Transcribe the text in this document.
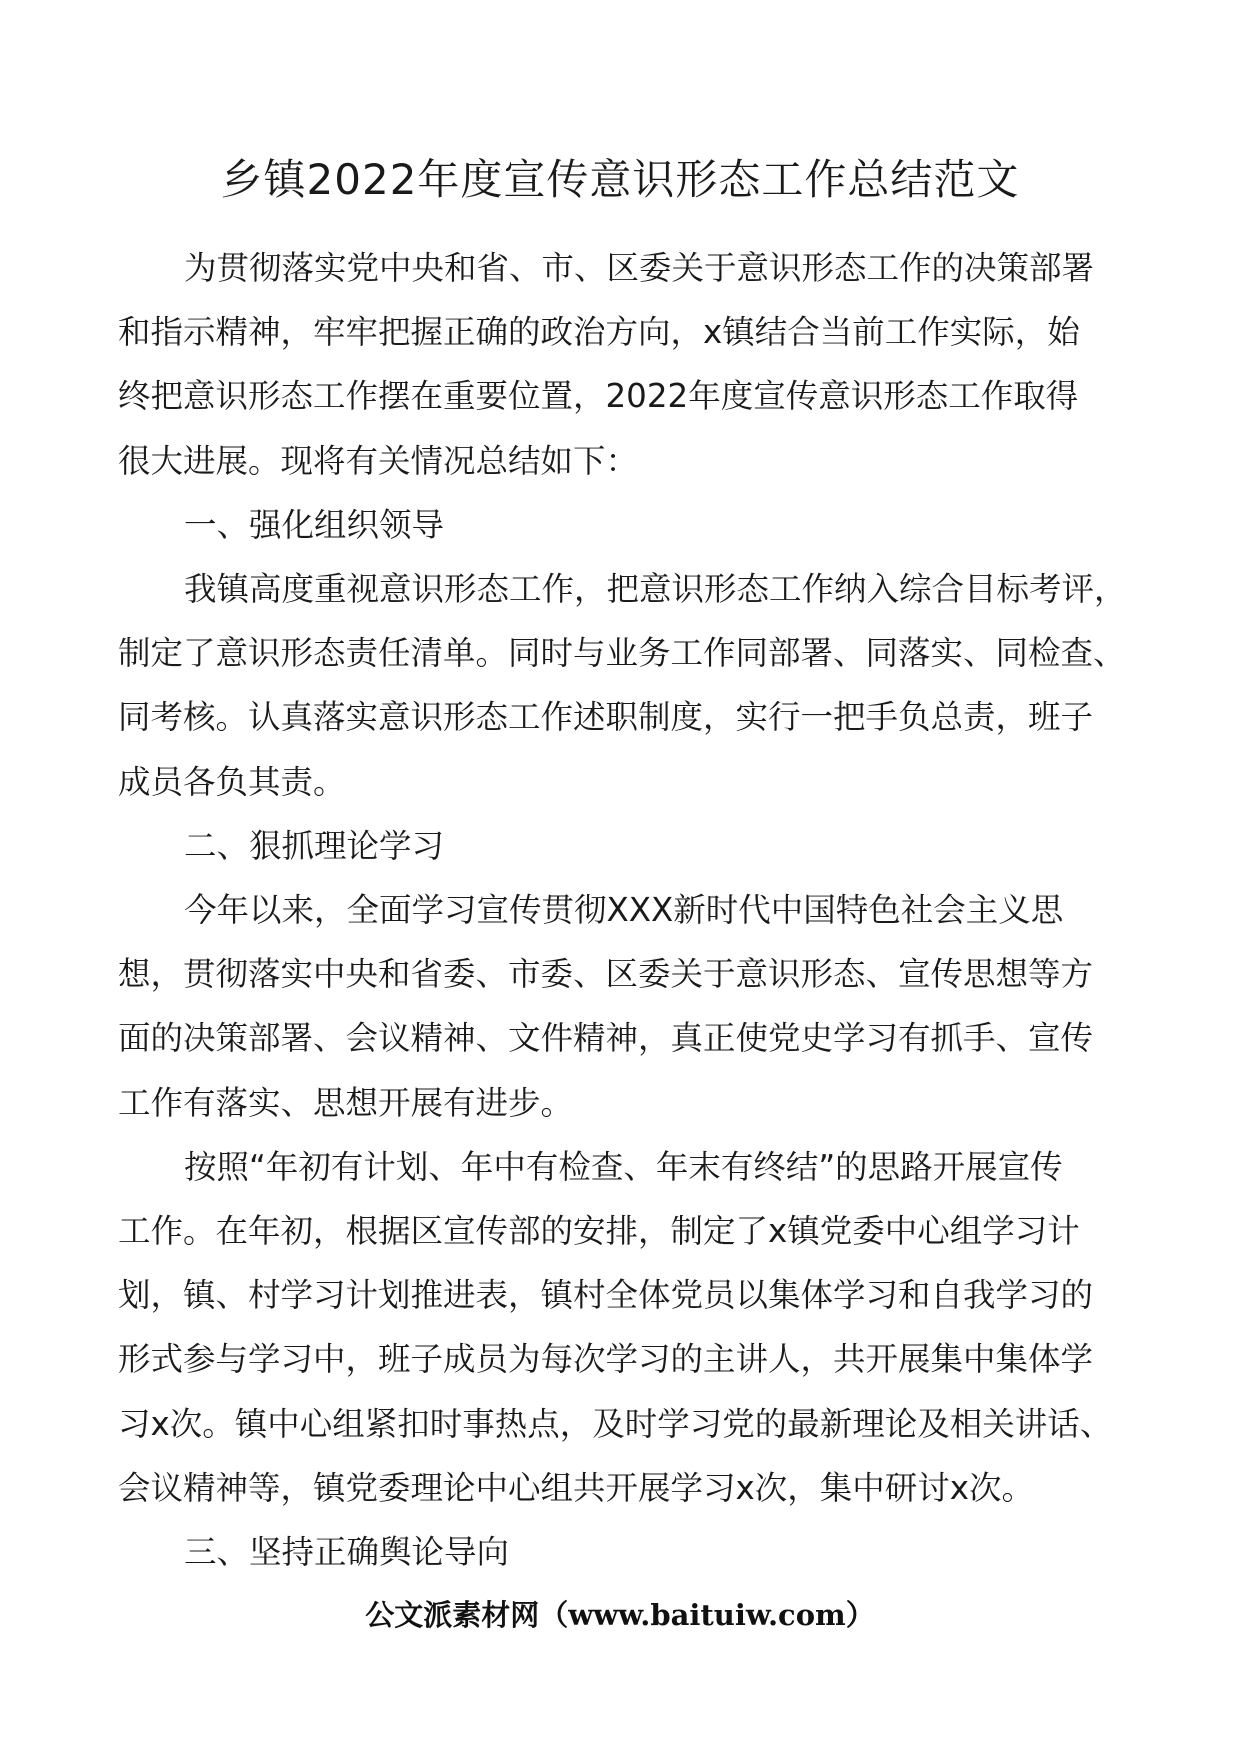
乡镇2022年度宣传意识形态工作总结范文

为贯彻落实党中央和省、市、区委关于意识形态工作的决策部署
和指示精神，牢牢把握正确的政治方向，x镇结合当前工作实际，始
终把意识形态工作摆在重要位置，2022年度宣传意识形态工作取得
很大进展。现将有关情况总结如下：

一、强化组织领导

我镇高度重视意识形态工作，把意识形态工作纳入综合目标考评，
制定了意识形态责任清单。同时与业务工作同部署、同落实、同检查、
同考核。认真落实意识形态工作述职制度，实行一把手负总责，班子
成员各负其责。

二、狠抓理论学习

今年以来，全面学习宣传贯彻XXX新时代中国特色社会主义思
想，贯彻落实中央和省委、市委、区委关于意识形态、宣传思想等方
面的决策部署、会议精神、文件精神，真正使党史学习有抓手、宣传
工作有落实、思想开展有进步。

按照“年初有计划、年中有检查、年末有终结”的思路开展宣传
工作。在年初，根据区宣传部的安排，制定了x镇党委中心组学习计
划，镇、村学习计划推进表，镇村全体党员以集体学习和自我学习的
形式参与学习中，班子成员为每次学习的主讲人，共开展集中集体学
习x次。镇中心组紧扣时事热点，及时学习党的最新理论及相关讲话、
会议精神等，镇党委理论中心组共开展学习x次，集中研讨x次。

三、坚持正确舆论导向

公文派素材网（www.baituiw.com）
